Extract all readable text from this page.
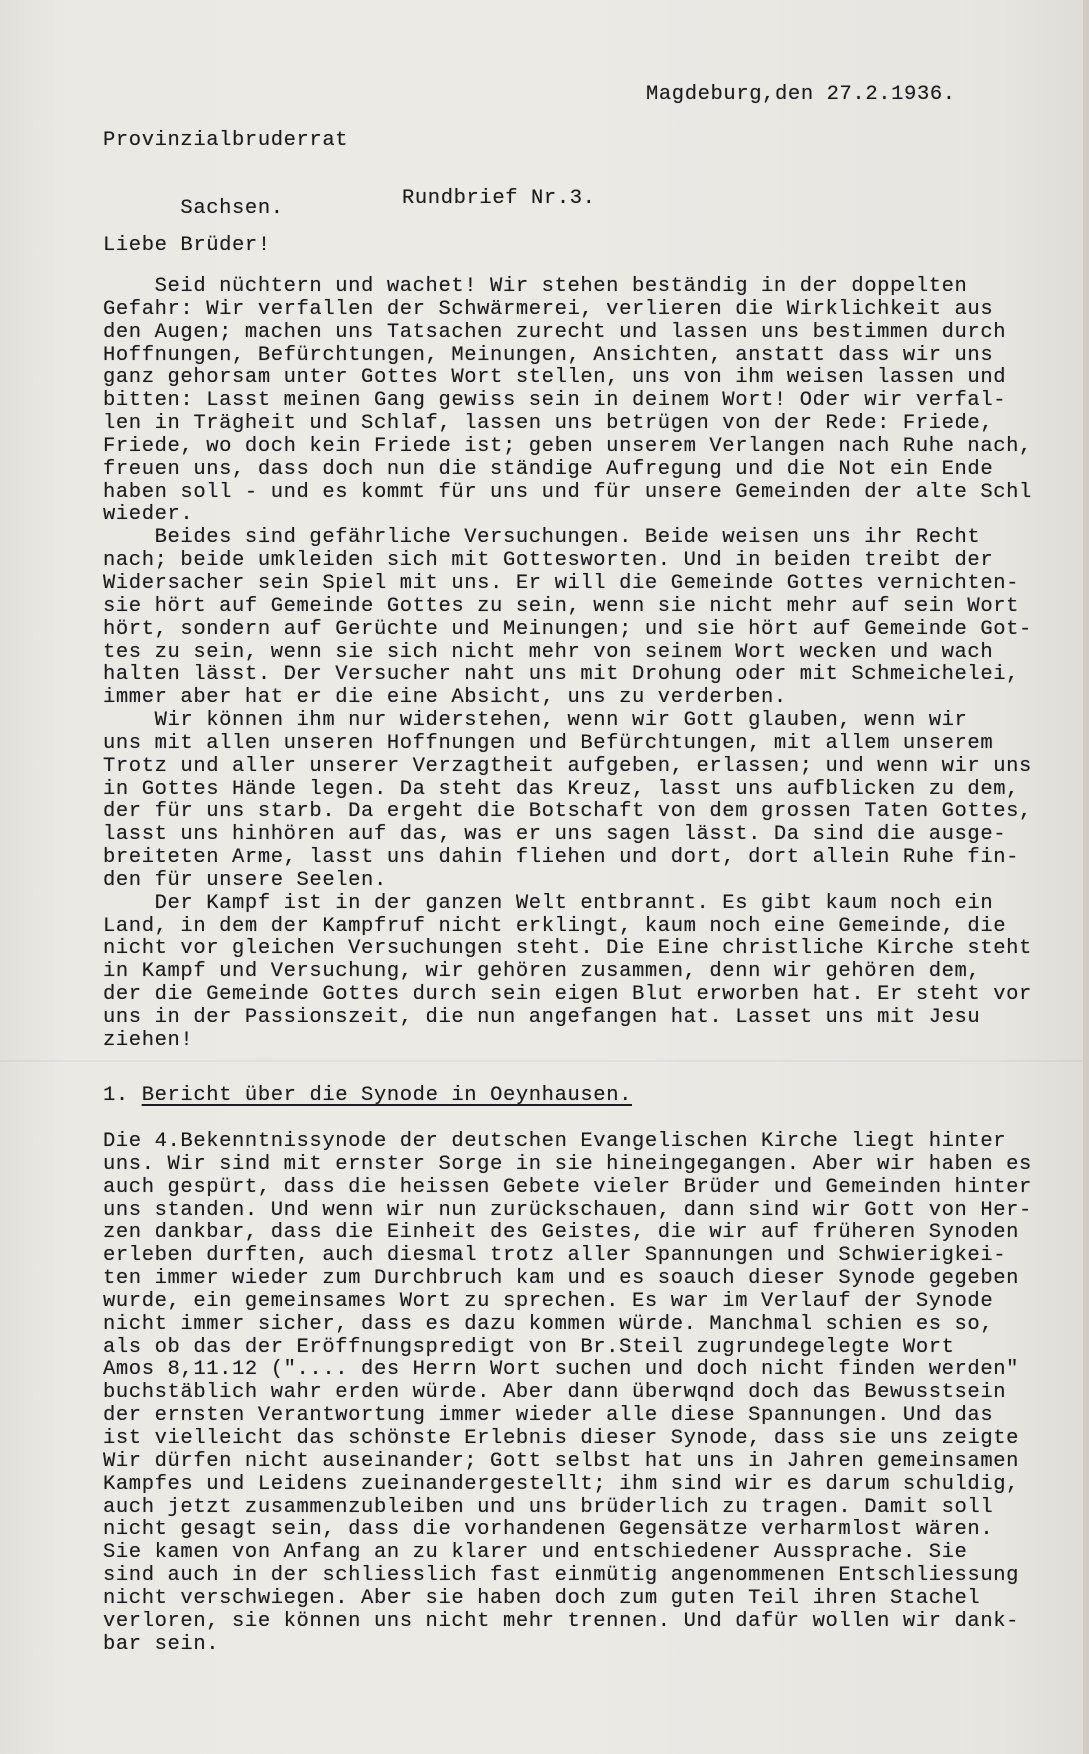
Provinzialbruderrat

Sachsen.

Magdeburg,den 27.2.1936.
Rundbrief Nr.3.
Liebe Brüder!
Seid nüchtern und wachet! Wir stehen beständig in der doppelten
Gefahr: Wir verfallen der Schwärmerei, verlieren die Wirklichkeit aus
den Augen; machen uns Tatsachen zurecht und lassen uns bestimmen durch
Hoffnungen, Befürchtungen, Meinungen, Ansichten, anstatt dass wir uns
ganz gehorsam unter Gottes Wort stellen, uns von ihm weisen lassen und
bitten: Lasst meinen Gang gewiss sein in deinem Wort! Oder wir verfal-
len in Trägheit und Schlaf, lassen uns betrügen von der Rede: Friede,
Friede, wo doch kein Friede ist; geben unserem Verlangen nach Ruhe nach,
freuen uns, dass doch nun die ständige Aufregung und die Not ein Ende
haben soll - und es kommt für uns und für unsere Gemeinden der alte Schl
wieder.
Beides sind gefährliche Versuchungen. Beide weisen uns ihr Recht
nach; beide umkleiden sich mit Gottesworten. Und in beiden treibt der
Widersacher sein Spiel mit uns. Er will die Gemeinde Gottes vernichten-
sie hört auf Gemeinde Gottes zu sein, wenn sie nicht mehr auf sein Wort
hört, sondern auf Gerüchte und Meinungen; und sie hört auf Gemeinde Got-
tes zu sein, wenn sie sich nicht mehr von seinem Wort wecken und wach
halten lässt. Der Versucher naht uns mit Drohung oder mit Schmeichelei,
immer aber hat er die eine Absicht, uns zu verderben.
Wir können ihm nur widerstehen, wenn wir Gott glauben, wenn wir
uns mit allen unseren Hoffnungen und Befürchtungen, mit allem unserem
Trotz und aller unserer Verzagtheit aufgeben, erlassen; und wenn wir uns
in Gottes Hände legen. Da steht das Kreuz, lasst uns aufblicken zu dem,
der für uns starb. Da ergeht die Botschaft von dem grossen Taten Gottes,
lasst uns hinhören auf das, was er uns sagen lässt. Da sind die ausge-
breiteten Arme, lasst uns dahin fliehen und dort, dort allein Ruhe fin-
den für unsere Seelen.
Der Kampf ist in der ganzen Welt entbrannt. Es gibt kaum noch ein
Land, in dem der Kampfruf nicht erklingt, kaum noch eine Gemeinde, die
nicht vor gleichen Versuchungen steht. Die Eine christliche Kirche steht
in Kampf und Versuchung, wir gehören zusammen, denn wir gehören dem,
der die Gemeinde Gottes durch sein eigen Blut erworben hat. Er steht vor
uns in der Passionszeit, die nun angefangen hat. Lasset uns mit Jesu
ziehen!
1. Bericht über die Synode in Oeynhausen.
Die 4.Bekenntnissynode der deutschen Evangelischen Kirche liegt hinter
uns. Wir sind mit ernster Sorge in sie hineingegangen. Aber wir haben es
auch gespürt, dass die heissen Gebete vieler Brüder und Gemeinden hinter
uns standen. Und wenn wir nun zurückschauen, dann sind wir Gott von Her-
zen dankbar, dass die Einheit des Geistes, die wir auf früheren Synoden
erleben durften, auch diesmal trotz aller Spannungen und Schwierigkei-
ten immer wieder zum Durchbruch kam und es soauch dieser Synode gegeben
wurde, ein gemeinsames Wort zu sprechen. Es war im Verlauf der Synode
nicht immer sicher, dass es dazu kommen würde. Manchmal schien es so,
als ob das der Eröffnungspredigt von Br.Steil zugrundegelegte Wort
Amos 8,11.12 (".... des Herrn Wort suchen und doch nicht finden werden"
buchstäblich wahr erden würde. Aber dann überwqnd doch das Bewusstsein
der ernsten Verantwortung immer wieder alle diese Spannungen. Und das
ist vielleicht das schönste Erlebnis dieser Synode, dass sie uns zeigte
Wir dürfen nicht auseinander; Gott selbst hat uns in Jahren gemeinsamen
Kampfes und Leidens zueinandergestellt; ihm sind wir es darum schuldig,
auch jetzt zusammenzubleiben und uns brüderlich zu tragen. Damit soll
nicht gesagt sein, dass die vorhandenen Gegensätze verharmlost wären.
Sie kamen von Anfang an zu klarer und entschiedener Aussprache. Sie
sind auch in der schliesslich fast einmütig angenommenen Entschliessung
nicht verschwiegen. Aber sie haben doch zum guten Teil ihren Stachel
verloren, sie können uns nicht mehr trennen. Und dafür wollen wir dank-
bar sein.
